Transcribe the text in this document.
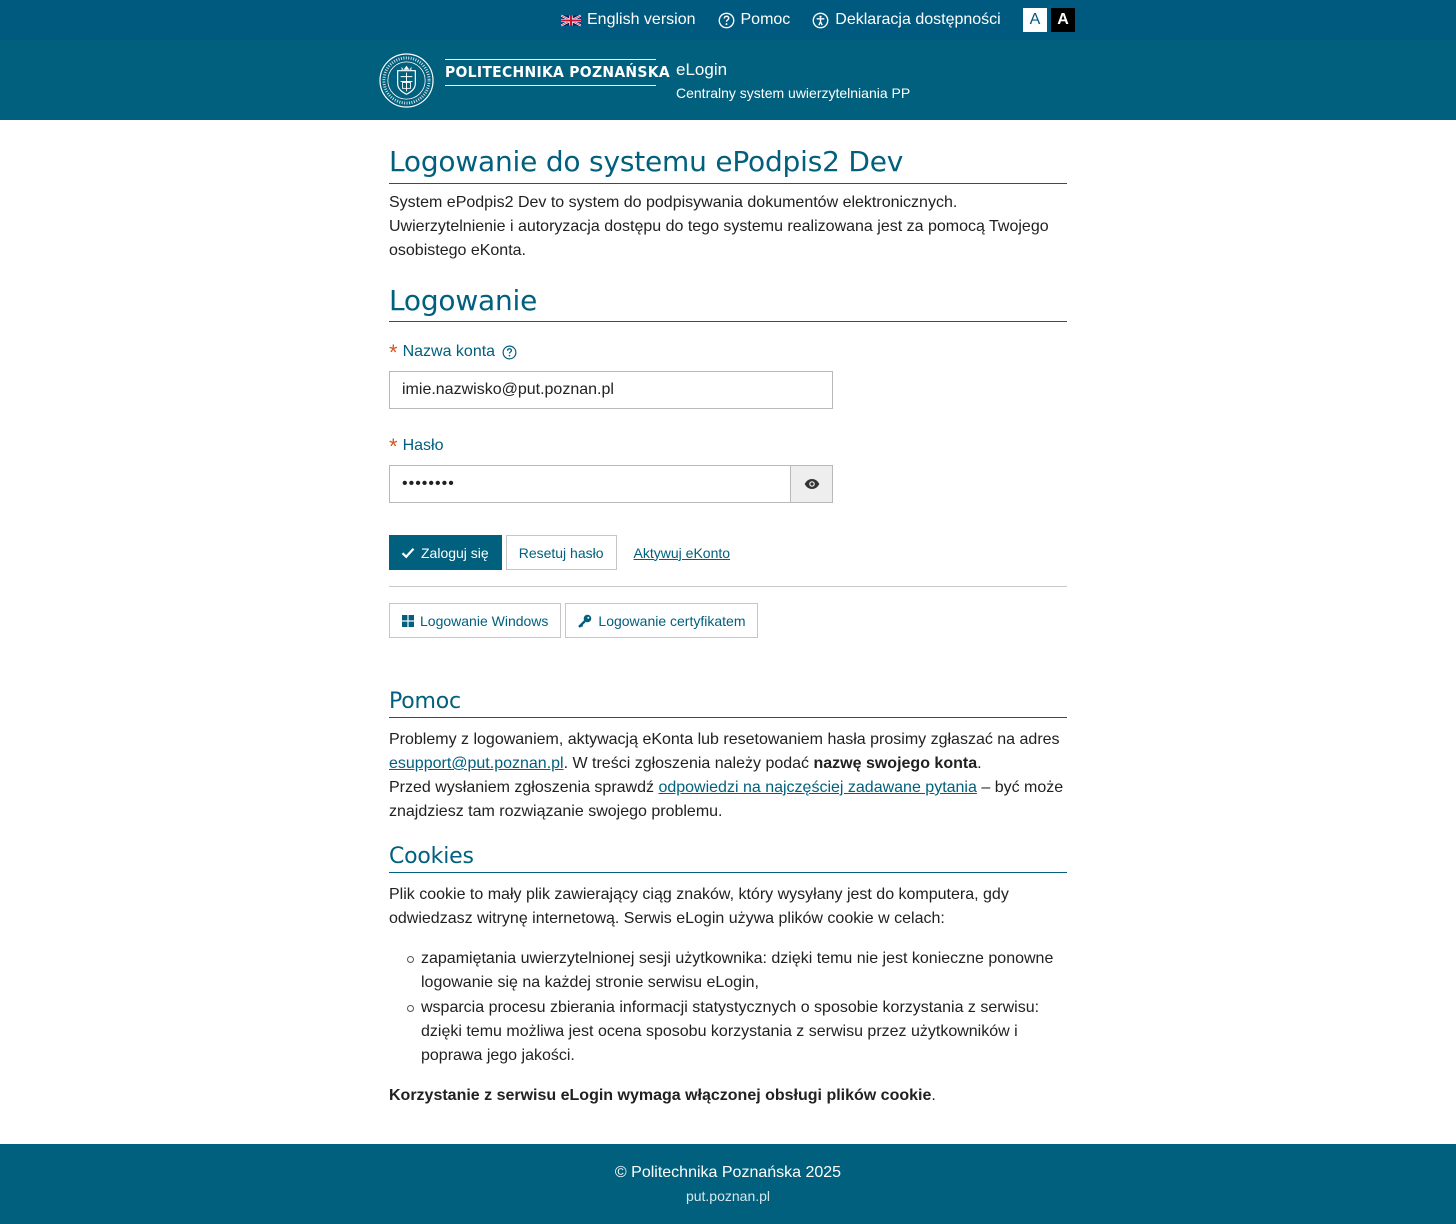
English version	Pomoc	Deklaracja dostępności	A	A
POLITECHNIKA POZNAŃSKA eLogin
Centralny system uwierzytelniania PP
Logowanie do systemu ePodpis2 Dev
System ePodpis2 Dev to system do podpisywania dokumentów elektronicznych.
Uwierzytelnienie i autoryzacja dostępu do tego systemu realizowana jest za pomocą Twojego osobistego eKonta.
Logowanie
* Nazwa konta
imie.nazwisko@put.poznan.pl
* Hasło
••••••••
Zaloguj się	Resetuj hasło	Aktywuj eKonto
Logowanie Windows	Logowanie certyfikatem
Pomoc
Problemy z logowaniem, aktywacją eKonta lub resetowaniem hasła prosimy zgłaszać na adres esupport@put.poznan.pl. W treści zgłoszenia należy podać nazwę swojego konta.
Przed wysłaniem zgłoszenia sprawdź odpowiedzi na najczęściej zadawane pytania – być może znajdziesz tam rozwiązanie swojego problemu.
Cookies
Plik cookie to mały plik zawierający ciąg znaków, który wysyłany jest do komputera, gdy odwiedzasz witrynę internetową. Serwis eLogin używa plików cookie w celach:
zapamiętania uwierzytelnionej sesji użytkownika: dzięki temu nie jest konieczne ponowne logowanie się na każdej stronie serwisu eLogin,
wsparcia procesu zbierania informacji statystycznych o sposobie korzystania z serwisu: dzięki temu możliwa jest ocena sposobu korzystania z serwisu przez użytkowników i poprawa jego jakości.
Korzystanie z serwisu eLogin wymaga włączonej obsługi plików cookie.
© Politechnika Poznańska 2025
put.poznan.pl
